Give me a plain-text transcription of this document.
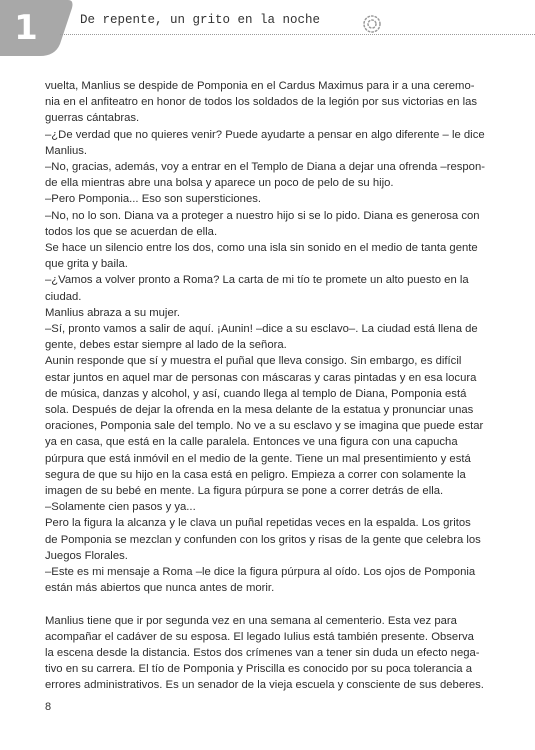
1	De repente, un grito en la noche

vuelta, Manlius se despide de Pomponia en el Cardus Maximus para ir a una ceremo-
nia en el anfiteatro en honor de todos los soldados de la legión por sus victorias en las
guerras cántabras.

–¿De verdad que no quieres venir? Puede ayudarte a pensar en algo diferente – le dice
Manlius.

–No, gracias, además, voy a entrar en el Templo de Diana a dejar una ofrenda –respon-
de ella mientras abre una bolsa y aparece un poco de pelo de su hijo.

–Pero Pomponia... Eso son supersticiones.

–No, no lo son. Diana va a proteger a nuestro hijo si se lo pido. Diana es generosa con
todos los que se acuerdan de ella.

Se hace un silencio entre los dos, como una isla sin sonido en el medio de tanta gente
que grita y baila.

–¿Vamos a volver pronto a Roma? La carta de mi tío te promete un alto puesto en la
ciudad.

Manlius abraza a su mujer.

–Sí, pronto vamos a salir de aquí. ¡Aunin! –dice a su esclavo–. La ciudad está llena de
gente, debes estar siempre al lado de la señora.

Aunin responde que sí y muestra el puñal que lleva consigo. Sin embargo, es difícil
estar juntos en aquel mar de personas con máscaras y caras pintadas y en esa locura
de música, danzas y alcohol, y así, cuando llega al templo de Diana, Pomponia está
sola. Después de dejar la ofrenda en la mesa delante de la estatua y pronunciar unas
oraciones, Pomponia sale del templo. No ve a su esclavo y se imagina que puede estar
ya en casa, que está en la calle paralela. Entonces ve una figura con una capucha
púrpura que está inmóvil en el medio de la gente. Tiene un mal presentimiento y está
segura de que su hijo en la casa está en peligro. Empieza a correr con solamente la
imagen de su bebé en mente. La figura púrpura se pone a correr detrás de ella.

–Solamente cien pasos y ya...

Pero la figura la alcanza y le clava un puñal repetidas veces en la espalda. Los gritos
de Pomponia se mezclan y confunden con los gritos y risas de la gente que celebra los
Juegos Florales.

–Este es mi mensaje a Roma –le dice la figura púrpura al oído. Los ojos de Pomponia
están más abiertos que nunca antes de morir.

Manlius tiene que ir por segunda vez en una semana al cementerio. Esta vez para
acompañar el cadáver de su esposa. El legado Iulius está también presente. Observa
la escena desde la distancia. Estos dos crímenes van a tener sin duda un efecto nega-
tivo en su carrera. El tío de Pomponia y Priscilla es conocido por su poca tolerancia a
errores administrativos. Es un senador de la vieja escuela y consciente de sus deberes.

8
